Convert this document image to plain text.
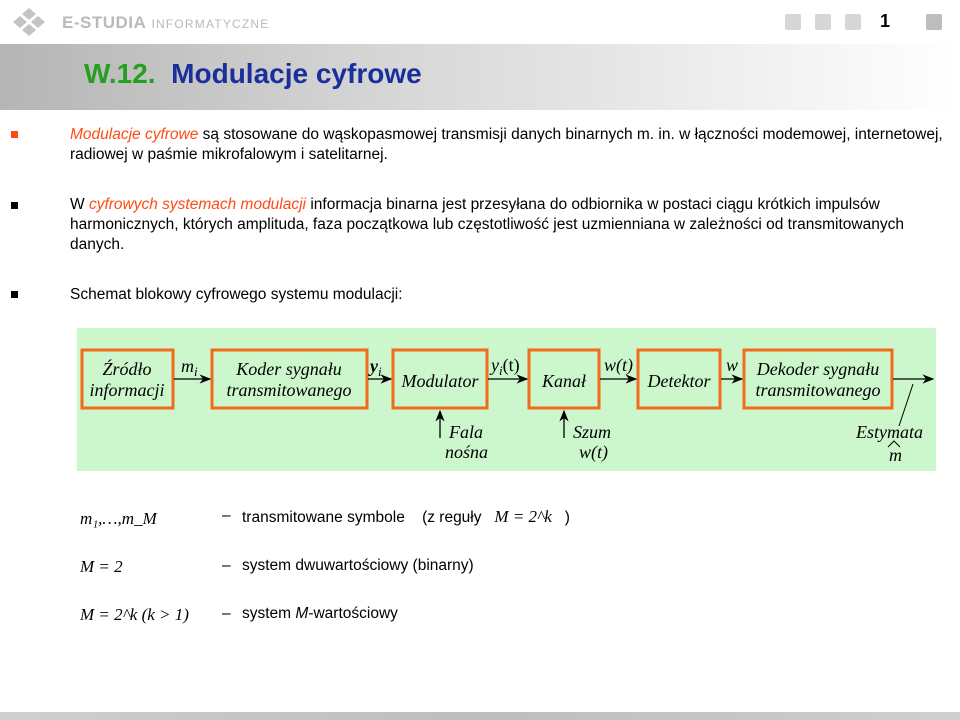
E-STUDIA INFORMATYCZNE	1
W.12. Modulacje cyfrowe
Modulacje cyfrowe są stosowane do wąskopasmowej transmisji danych binarnych m. in. w łączności modemowej, internetowej, radiowej w paśmie mikrofalowym i satelitarnej.
W cyfrowych systemach modulacji informacja binarna jest przesyłana do odbiornika w postaci ciągu krótkich impulsów harmonicznych, których amplituda, faza początkowa lub częstotliwość jest uzmienniana w zależności od transmitowanych danych.
Schemat blokowy cyfrowego systemu modulacji:
Źródło
informacji
Koder sygnału
transmitowanego	Modulator	Kanał	Detektor
Dekoder sygnału
transmitowanego
$m_i$	$y_i$	$y_i(t)$	w(t)	w
Fala
nośna
Szum
w(t)
Estymata
m
m₁,…,m_M	– transmitowane symbole (z reguły M = 2^k )
M = 2	– system dwuwartościowy (binarny)
M = 2^k (k > 1) – system M-wartościowy
